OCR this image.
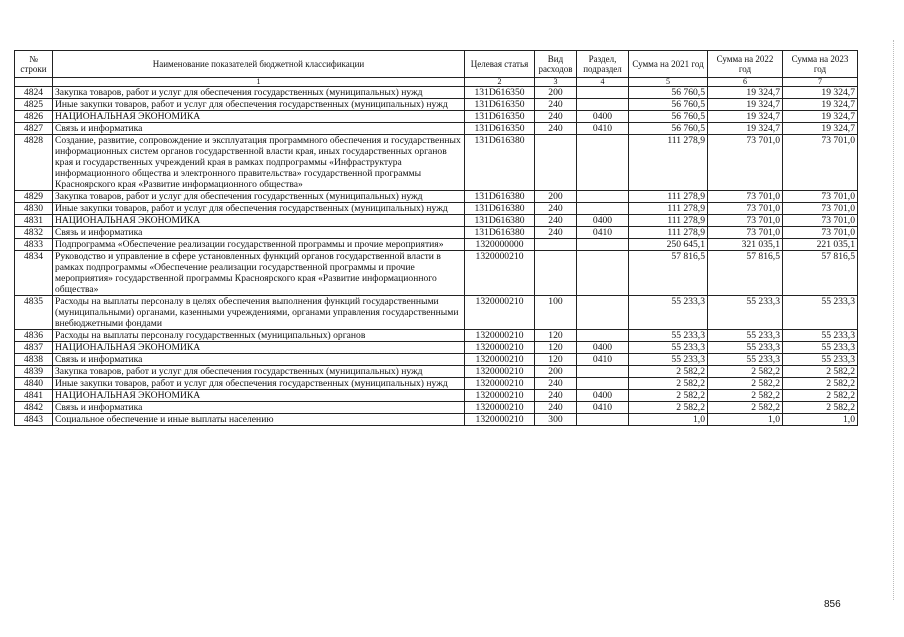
№ строки	Наименование показателей бюджетной классификации	Целевая статья	Вид расходов	Раздел, подраздел	Сумма на 2021 год	Сумма на 2022 год	Сумма на 2023 год
	1	2	3	4	5	6	7
4824	Закупка товаров, работ и услуг для обеспечения государственных (муниципальных) нужд	131D616350	200		56 760,5	19 324,7	19 324,7
4825	Иные закупки товаров, работ и услуг для обеспечения государственных (муниципальных) нужд	131D616350	240		56 760,5	19 324,7	19 324,7
4826	НАЦИОНАЛЬНАЯ ЭКОНОМИКА	131D616350	240	0400	56 760,5	19 324,7	19 324,7
4827	Связь и информатика	131D616350	240	0410	56 760,5	19 324,7	19 324,7
4828	Создание, развитие, сопровождение и эксплуатация программного обеспечения и государственных информационных систем органов государственной власти края, иных государственных органов края и государственных учреждений края в рамках подпрограммы «Инфраструктура информационного общества и электронного правительства» государственной программы Красноярского края «Развитие информационного общества»	131D616380			111 278,9	73 701,0	73 701,0
4829	Закупка товаров, работ и услуг для обеспечения государственных (муниципальных) нужд	131D616380	200		111 278,9	73 701,0	73 701,0
4830	Иные закупки товаров, работ и услуг для обеспечения государственных (муниципальных) нужд	131D616380	240		111 278,9	73 701,0	73 701,0
4831	НАЦИОНАЛЬНАЯ ЭКОНОМИКА	131D616380	240	0400	111 278,9	73 701,0	73 701,0
4832	Связь и информатика	131D616380	240	0410	111 278,9	73 701,0	73 701,0
4833	Подпрограмма «Обеспечение реализации государственной программы и прочие мероприятия»	1320000000			250 645,1	321 035,1	221 035,1
4834	Руководство и управление в сфере установленных функций органов государственной власти в рамках подпрограммы «Обеспечение реализации государственной программы и прочие мероприятия» государственной программы Красноярского края «Развитие информационного общества»	1320000210			57 816,5	57 816,5	57 816,5
4835	Расходы на выплаты персоналу в целях обеспечения выполнения функций государственными (муниципальными) органами, казенными учреждениями, органами управления государственными внебюджетными фондами	1320000210	100		55 233,3	55 233,3	55 233,3
4836	Расходы на выплаты персоналу государственных (муниципальных) органов	1320000210	120		55 233,3	55 233,3	55 233,3
4837	НАЦИОНАЛЬНАЯ ЭКОНОМИКА	1320000210	120	0400	55 233,3	55 233,3	55 233,3
4838	Связь и информатика	1320000210	120	0410	55 233,3	55 233,3	55 233,3
4839	Закупка товаров, работ и услуг для обеспечения государственных (муниципальных) нужд	1320000210	200		2 582,2	2 582,2	2 582,2
4840	Иные закупки товаров, работ и услуг для обеспечения государственных (муниципальных) нужд	1320000210	240		2 582,2	2 582,2	2 582,2
4841	НАЦИОНАЛЬНАЯ ЭКОНОМИКА	1320000210	240	0400	2 582,2	2 582,2	2 582,2
4842	Связь и информатика	1320000210	240	0410	2 582,2	2 582,2	2 582,2
4843	Социальное обеспечение и иные выплаты населению	1320000210	300		1,0	1,0	1,0
856
